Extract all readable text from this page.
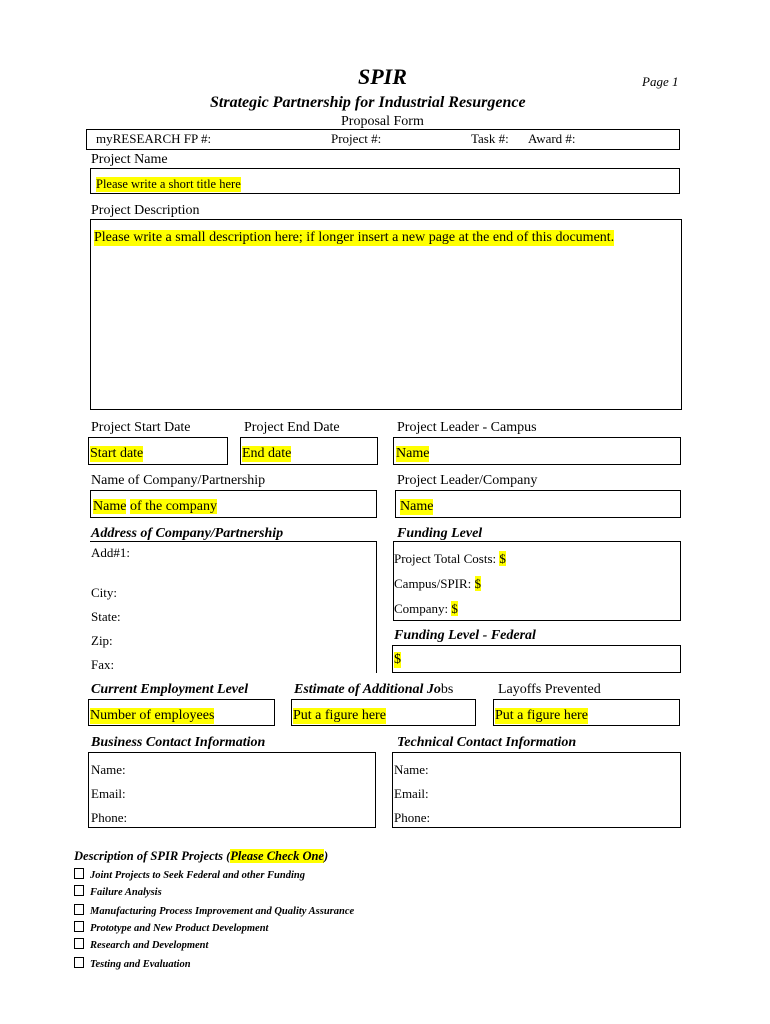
SPIR	Page 1
Strategic Partnership for Industrial Resurgence
Proposal Form
myRESEARCH FP #:	Project #:	Task #: Award #:
Project Name
Please write a short title here
Project Description
Please write a small description here; if longer insert a new page at the end of this document.
Project Start Date	Project End Date	Project Leader - Campus
Start date	End date	Name
Name of Company/Partnership	Project Leader/Company
Name of the company	Name
Address of Company/Partnership
Add#1:
City:
State:
Zip:
Fax:
Funding Level
Project Total Costs: $
Campus/SPIR: $
Company: $
Funding Level - Federal
$
Current Employment Level	Estimate of Additional Jobs	Layoffs Prevented
Number of employees	Put a figure here	Put a figure here
Business Contact Information	Technical Contact Information
Name:
Email:
Phone:
Name:
Email:
Phone:
Description of SPIR Projects (Please Check One)
Joint Projects to Seek Federal and other Funding
Failure Analysis
Manufacturing Process Improvement and Quality Assurance
Prototype and New Product Development
Research and Development
Testing and Evaluation
